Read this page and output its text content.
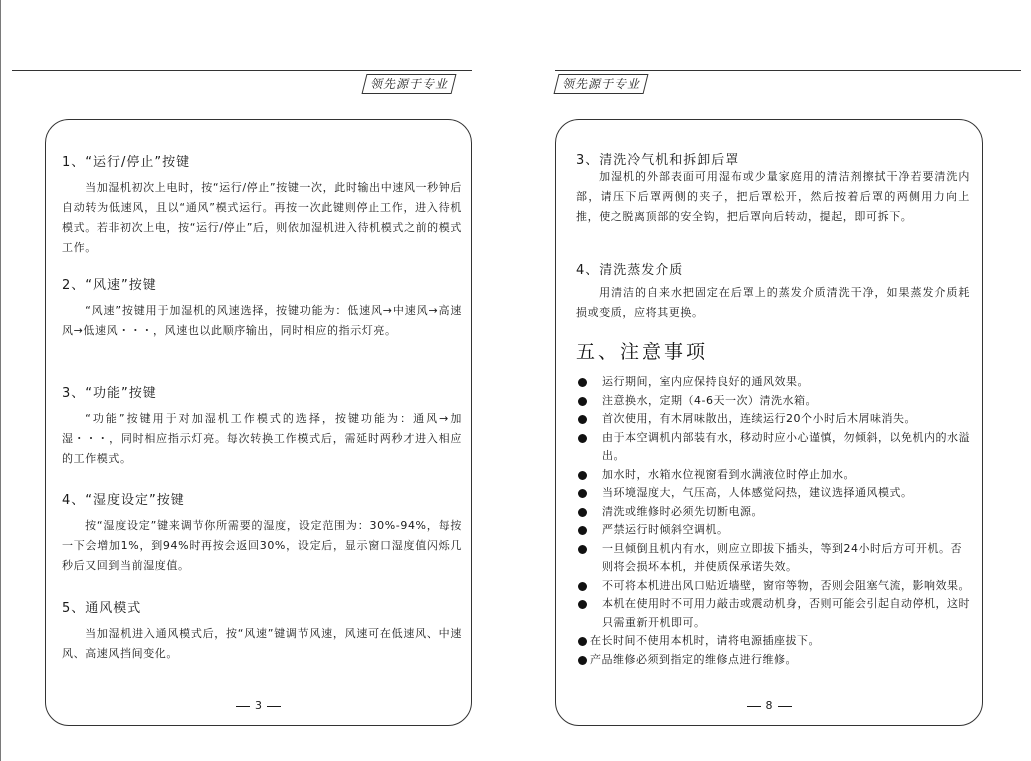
领先源于专业	领先源于专业
1、“运行/停止”按键
当加湿机初次上电时，按“运行/停止”按键一次，此时输出中速风一秒钟后自动转为低速风，且以“通风”模式运行。再按一次此键则停止工作，进入待机模式。若非初次上电，按“运行/停止”后，则依加湿机进入待机模式之前的模式工作。
2、“风速”按键
“风速”按键用于加湿机的风速选择，按键功能为：低速风→中速风→高速风→低速风・・・，风速也以此顺序输出，同时相应的指示灯亮。
3、“功能”按键
“功能”按键用于对加湿机工作模式的选择，按键功能为：通风→加湿・・・，同时相应指示灯亮。每次转换工作模式后，需延时两秒才进入相应的工作模式。
4、“湿度设定”按键
按“湿度设定”键来调节你所需要的湿度，设定范围为：30%-94%，每按一下会增加1%，到94%时再按会返回30%，设定后，显示窗口湿度值闪烁几秒后又回到当前湿度值。
5、通风模式
当加湿机进入通风模式后，按“风速”键调节风速，风速可在低速风、中速风、高速风挡间变化。
3
3、清洗冷气机和拆卸后罩
加湿机的外部表面可用湿布或少量家庭用的清洁剂擦拭干净若要清洗内部，请压下后罩两侧的夹子，把后罩松开，然后按着后罩的两侧用力向上推，使之脱离顶部的安全钩，把后罩向后转动，提起，即可拆下。
4、清洗蒸发介质
用清洁的自来水把固定在后罩上的蒸发介质清洗干净，如果蒸发介质耗损或变质，应将其更换。
五、注意事项
运行期间，室内应保持良好的通风效果。
注意换水，定期（4-6天一次）清洗水箱。
首次使用，有木屑味散出，连续运行20个小时后木屑味消失。
由于本空调机内部装有水，移动时应小心谨慎，勿倾斜，以免机内的水溢出。
加水时，水箱水位视窗看到水满液位时停止加水。
当环境湿度大，气压高，人体感觉闷热，建议选择通风模式。
清洗或维修时必须先切断电源。
严禁运行时倾斜空调机。
一旦倾倒且机内有水，则应立即拔下插头，等到24小时后方可开机。否则将会损坏本机，并使质保承诺失效。
不可将本机进出风口贴近墙壁，窗帘等物，否则会阻塞气流，影响效果。
本机在使用时不可用力敲击或震动机身，否则可能会引起自动停机，这时只需重新开机即可。
在长时间不使用本机时，请将电源插座拔下。
产品维修必须到指定的维修点进行维修。
8
